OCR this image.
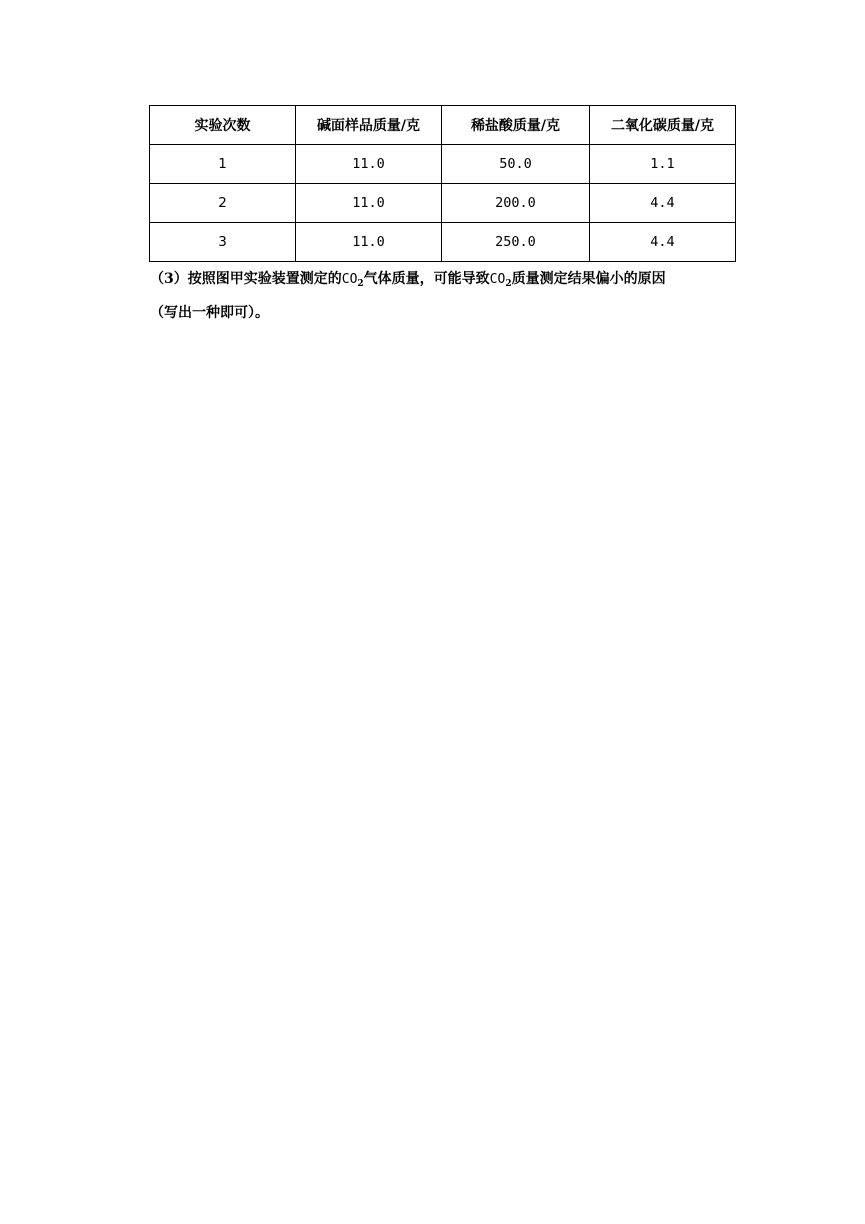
实验次数	碱面样品质量/克	稀盐酸质量/克	二氧化碳质量/克
1	11.0	50.0	1.1
2	11.0	200.0	4.4
3	11.0	250.0	4.4
（3）按照图甲实验装置测定的$CO_2$气体质量，可能导致$CO_2$质量测定结果偏小的原因
（写出一种即可）。
